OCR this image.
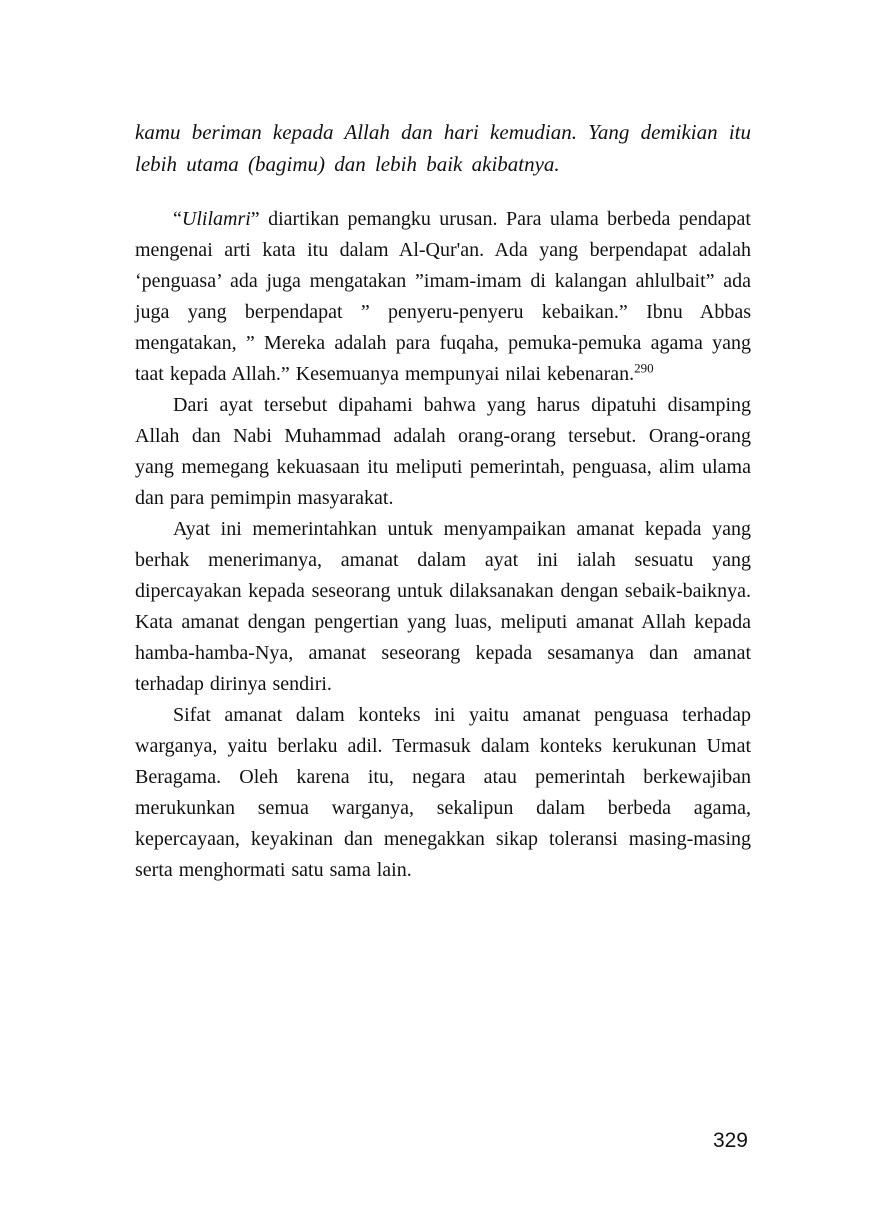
kamu beriman kepada Allah dan hari kemudian. Yang demikian itu lebih utama (bagimu) dan lebih baik akibatnya.

“Ulilamri” diartikan pemangku urusan. Para ulama berbeda pendapat mengenai arti kata itu dalam Al-Qur'an. Ada yang berpendapat adalah ‘penguasa’ ada juga mengatakan ”imam-imam di kalangan ahlulbait” ada juga yang berpendapat ” penyeru-penyeru kebaikan.” Ibnu Abbas mengatakan, ” Mereka adalah para fuqaha, pemuka-pemuka agama yang taat kepada Allah.” Kesemuanya mempunyai nilai kebenaran.$^{290}$

Dari ayat tersebut dipahami bahwa yang harus dipatuhi disamping Allah dan Nabi Muhammad adalah orang-orang tersebut. Orang-orang yang memegang kekuasaan itu meliputi pemerintah, penguasa, alim ulama dan para pemimpin masyarakat.

Ayat ini memerintahkan untuk menyampaikan amanat kepada yang berhak menerimanya, amanat dalam ayat ini ialah sesuatu yang dipercayakan kepada seseorang untuk dilaksanakan dengan sebaik-baiknya. Kata amanat dengan pengertian yang luas, meliputi amanat Allah kepada hamba-hamba-Nya, amanat seseorang kepada sesamanya dan amanat terhadap dirinya sendiri.

Sifat amanat dalam konteks ini yaitu amanat penguasa terhadap warganya, yaitu berlaku adil. Termasuk dalam konteks kerukunan Umat Beragama. Oleh karena itu, negara atau pemerintah berkewajiban merukunkan semua warganya, sekalipun dalam berbeda agama, kepercayaan, keyakinan dan menegakkan sikap toleransi masing-masing serta menghormati satu sama lain.

329
